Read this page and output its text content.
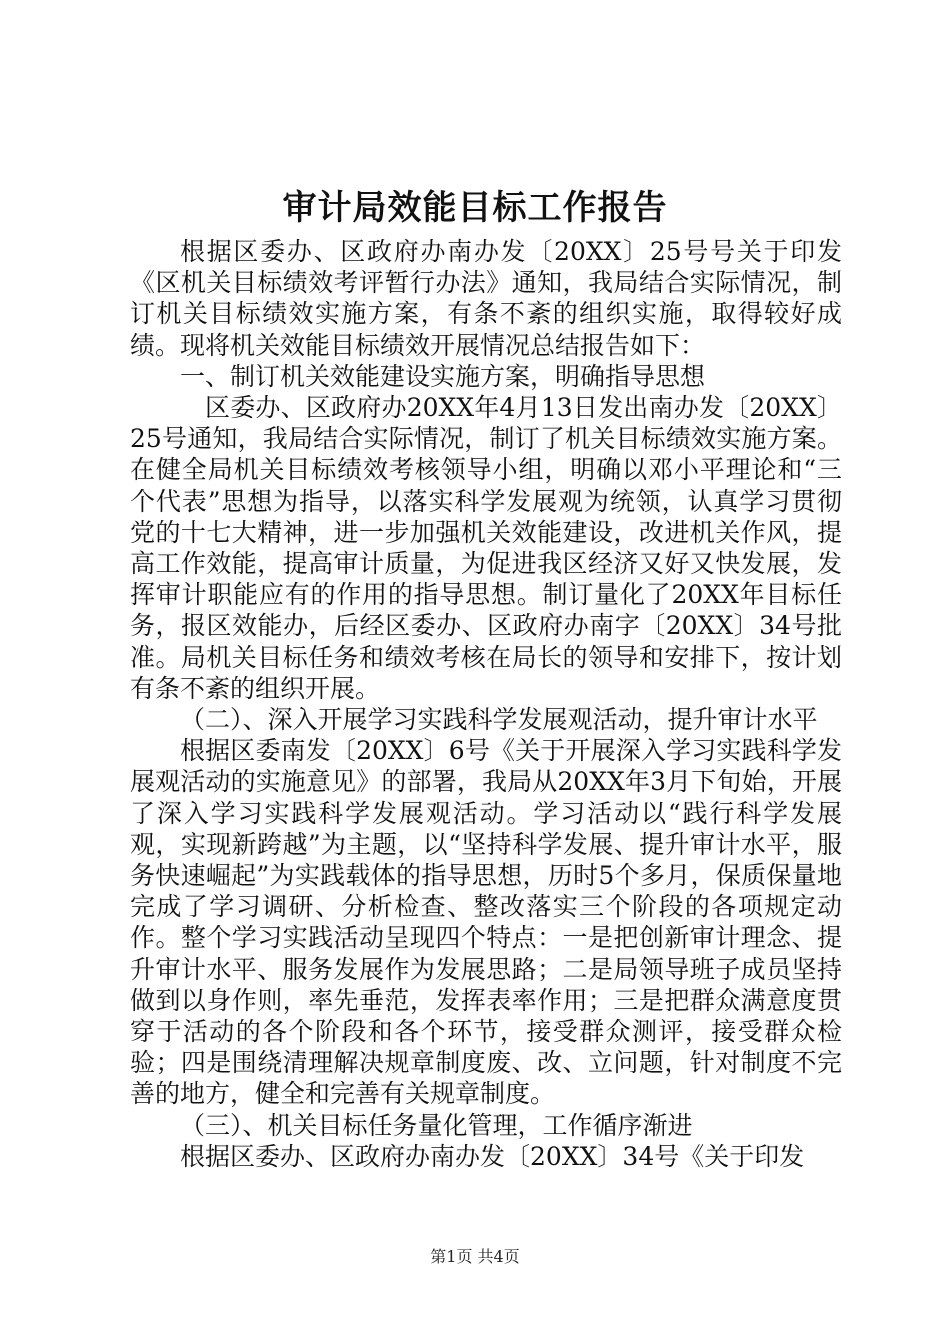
审计局效能目标工作报告

根据区委办、区政府办南办发〔20XX〕25号号关于印发《区机关目标绩效考评暂行办法》通知，我局结合实际情况，制订机关目标绩效实施方案，有条不紊的组织实施，取得较好成绩。现将机关效能目标绩效开展情况总结报告如下：

一、制订机关效能建设实施方案，明确指导思想

区委办、区政府办20XX年4月13日发出南办发〔20XX〕25号通知，我局结合实际情况，制订了机关目标绩效实施方案。在健全局机关目标绩效考核领导小组，明确以邓小平理论和“三个代表”思想为指导，以落实科学发展观为统领，认真学习贯彻党的十七大精神，进一步加强机关效能建设，改进机关作风，提高工作效能，提高审计质量，为促进我区经济又好又快发展，发挥审计职能应有的作用的指导思想。制订量化了20XX年目标任务，报区效能办，后经区委办、区政府办南字〔20XX〕34号批准。局机关目标任务和绩效考核在局长的领导和安排下，按计划有条不紊的组织开展。

（二）、深入开展学习实践科学发展观活动，提升审计水平

根据区委南发〔20XX〕6号《关于开展深入学习实践科学发展观活动的实施意见》的部署，我局从20XX年3月下旬始，开展了深入学习实践科学发展观活动。学习活动以“践行科学发展观，实现新跨越”为主题，以“坚持科学发展、提升审计水平，服务快速崛起”为实践载体的指导思想，历时5个多月，保质保量地完成了学习调研、分析检查、整改落实三个阶段的各项规定动作。整个学习实践活动呈现四个特点：一是把创新审计理念、提升审计水平、服务发展作为发展思路；二是局领导班子成员坚持做到以身作则，率先垂范，发挥表率作用；三是把群众满意度贯穿于活动的各个阶段和各个环节，接受群众测评，接受群众检验；四是围绕清理解决规章制度废、改、立问题，针对制度不完善的地方，健全和完善有关规章制度。

（三）、机关目标任务量化管理，工作循序渐进

根据区委办、区政府办南办发〔20XX〕34号《关于印发

第1页 共4页
